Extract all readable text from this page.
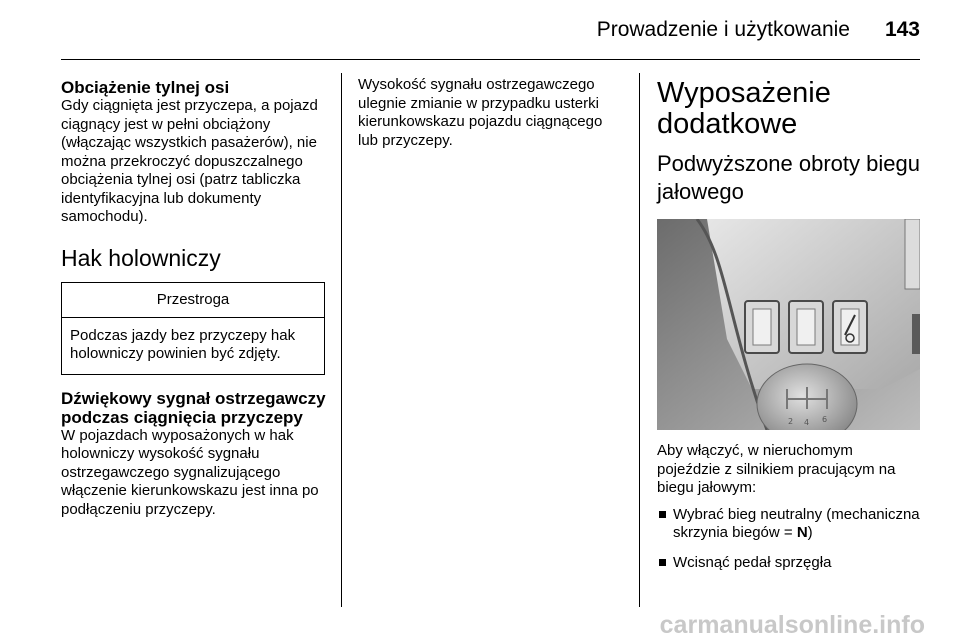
Prowadzenie i użytkowanie	143
Obciążenie tylnej osi

Gdy ciągnięta jest przyczepa, a pojazd ciągnący jest w pełni obciążony (włączając wszystkich pasażerów), nie można przekroczyć dopuszczalnego obciążenia tylnej osi (patrz tabliczka identyfikacyjna lub dokumenty samochodu).

Hak holowniczy
Przestroga
Podczas jazdy bez przyczepy hak holowniczy powinien być zdjęty.
Dźwiękowy sygnał ostrzegawczy podczas ciągnięcia przyczepy

W pojazdach wyposażonych w hak holowniczy wysokość sygnału ostrzegawczego sygnalizującego włączenie kierunkowskazu jest inna po podłączeniu przyczepy.

Wysokość sygnału ostrzegawczego ulegnie zmianie w przypadku usterki kierunkowskazu pojazdu ciągnącego lub przyczepy.

Wyposażenie dodatkowe
Podwyższone obroty biegu jałowego
2 4 6

Aby włączyć, w nieruchomym pojeździe z silnikiem pracującym na biegu jałowym:

Wybrać bieg neutralny (mechaniczna skrzynia biegów = N)
Wcisnąć pedał sprzęgła
carmanualsonline.info
